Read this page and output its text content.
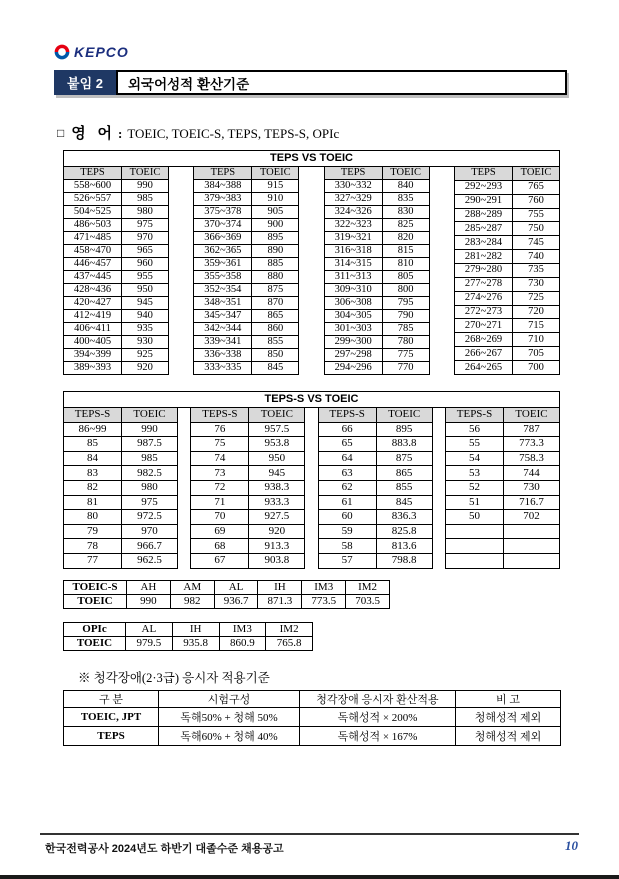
KEPCO
붙임 2	외국어성적 환산기준
□ 영 어 : TOEIC, TOEIC-S, TEPS, TEPS-S, OPIc
TEPS VS TOEIC
TEPS	TOEIC
558~600	990
526~557	985
504~525	980
486~503	975
471~485	970
458~470	965
446~457	960
437~445	955
428~436	950
420~427	945
412~419	940
406~411	935
400~405	930
394~399	925
389~393	920
TEPS	TOEIC
384~388	915
379~383	910
375~378	905
370~374	900
366~369	895
362~365	890
359~361	885
355~358	880
352~354	875
348~351	870
345~347	865
342~344	860
339~341	855
336~338	850
333~335	845
TEPS	TOEIC
330~332	840
327~329	835
324~326	830
322~323	825
319~321	820
316~318	815
314~315	810
311~313	805
309~310	800
306~308	795
304~305	790
301~303	785
299~300	780
297~298	775
294~296	770
TEPS	TOEIC
292~293	765
290~291	760
288~289	755
285~287	750
283~284	745
281~282	740
279~280	735
277~278	730
274~276	725
272~273	720
270~271	715
268~269	710
266~267	705
264~265	700
TEPS-S VS TOEIC
TEPS-S	TOEIC
86~99	990
85	987.5
84	985
83	982.5
82	980
81	975
80	972.5
79	970
78	966.7
77	962.5
TEPS-S	TOEIC
76	957.5
75	953.8
74	950
73	945
72	938.3
71	933.3
70	927.5
69	920
68	913.3
67	903.8
TEPS-S	TOEIC
66	895
65	883.8
64	875
63	865
62	855
61	845
60	836.3
59	825.8
58	813.6
57	798.8
TEPS-S	TOEIC
56	787
55	773.3
54	758.3
53	744
52	730
51	716.7
50	702

TOEIC-S	AH	AM	AL	IH	IM3	IM2
TOEIC	990	982	936.7	871.3	773.5	703.5
OPIc	AL	IH	IM3	IM2
TOEIC	979.5	935.8	860.9	765.8
※ 청각장애(2·3급) 응시자 적용기준
구 분	시험구성	청각장애 응시자 환산적용	비 고
TOEIC, JPT	독해50% + 청해 50%	독해성적 × 200%	청해성적 제외
TEPS	독해60% + 청해 40%	독해성적 × 167%	청해성적 제외
한국전력공사 2024년도 하반기 대졸수준 채용공고	10
